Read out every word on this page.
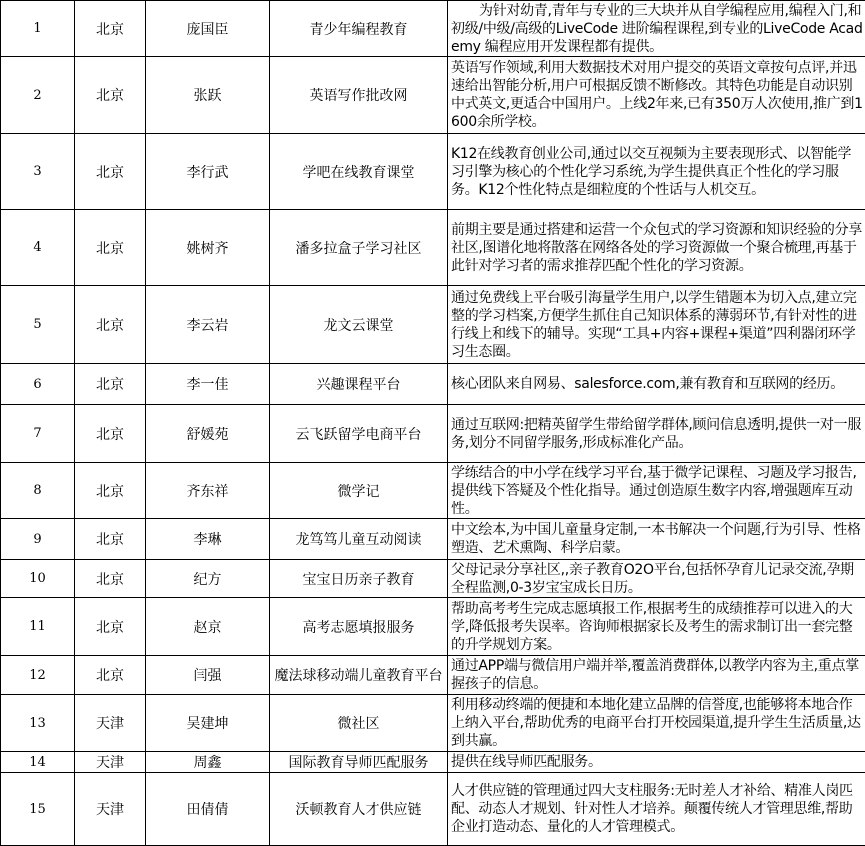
1	北京	庞国臣	青少年编程教育	为针对幼青,青年与专业的三大块并从自学编程应用,编程入门,和初级/中级/高级的LiveCode 进阶编程课程,到专业的LiveCode Academy 编程应用开发课程都有提供。
2	北京	张跃	英语写作批改网	英语写作领域,利用大数据技术对用户提交的英语文章按句点评,并迅速给出智能分析,用户可根据反馈不断修改。其特色功能是自动识别中式英文,更适合中国用户。上线2年来,已有350万人次使用,推广到1600余所学校。
3	北京	李行武	学吧在线教育课堂	K12在线教育创业公司,通过以交互视频为主要表现形式、以智能学习引擎为核心的个性化学习系统,为学生提供真正个性化的学习服务。K12个性化特点是细粒度的个性话与人机交互。
4	北京	姚树齐	潘多拉盒子学习社区	前期主要是通过搭建和运营一个众包式的学习资源和知识经验的分享社区,图谱化地将散落在网络各处的学习资源做一个聚合梳理,再基于此针对学习者的需求推荐匹配个性化的学习资源。
5	北京	李云岩	龙文云课堂	通过免费线上平台吸引海量学生用户,以学生错题本为切入点,建立完整的学习档案,方便学生抓住自己知识体系的薄弱环节,有针对性的进行线上和线下的辅导。实现“工具+内容+课程+渠道”四利器闭环学习生态圈。
6	北京	李一佳	兴趣课程平台	核心团队来自网易、salesforce.com,兼有教育和互联网的经历。
7	北京	舒媛苑	云飞跃留学电商平台	通过互联网:把精英留学生带给留学群体,顾问信息透明,提供一对一服务,划分不同留学服务,形成标准化产品。
8	北京	齐东祥	微学记	学练结合的中小学在线学习平台,基于微学记课程、习题及学习报告,提供线下答疑及个性化指导。通过创造原生数字内容,增强题库互动性。
9	北京	李琳	龙笃笃儿童互动阅读	中文绘本,为中国儿童量身定制,一本书解决一个问题,行为引导、性格塑造、艺术熏陶、科学启蒙。
10	北京	纪方	宝宝日历亲子教育	父母记录分享社区,,亲子教育O2O平台,包括怀孕育儿记录交流,孕期全程监测,0-3岁宝宝成长日历。
11	北京	赵京	高考志愿填报服务	帮助高考考生完成志愿填报工作,根据考生的成绩推荐可以进入的大学,降低报考失误率。咨询师根据家长及考生的需求制订出一套完整的升学规划方案。
12	北京	闫强	魔法球移动端儿童教育平台	通过APP端与微信用户端并举,覆盖消费群体,以教学内容为主,重点掌握孩子的信息。
13	天津	吴建坤	微社区	利用移动终端的便捷和本地化建立品牌的信誉度,也能够将本地合作上纳入平台,帮助优秀的电商平台打开校园渠道,提升学生生活质量,达到共赢。
14	天津	周鑫	国际教育导师匹配服务	提供在线导师匹配服务。
15	天津	田倩倩	沃顿教育人才供应链	人才供应链的管理通过四大支柱服务:无时差人才补给、精准人岗匹配、动态人才规划、针对性人才培养。颠覆传统人才管理思维,帮助企业打造动态、量化的人才管理模式。
